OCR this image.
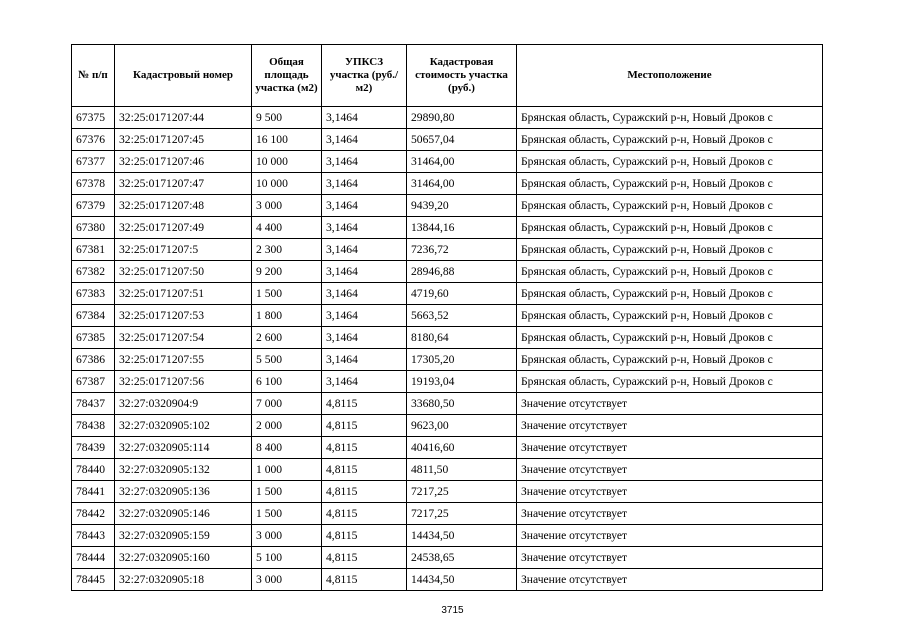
№ п/п	Кадастровый номер	Общая площадь участка (м2)	УПКСЗ участка (руб./м2)	Кадастровая стоимость участка (руб.)	Местоположение
67375	32:25:0171207:44	9 500	3,1464	29890,80	Брянская область, Суражский р-н, Новый Дроков с
67376	32:25:0171207:45	16 100	3,1464	50657,04	Брянская область, Суражский р-н, Новый Дроков с
67377	32:25:0171207:46	10 000	3,1464	31464,00	Брянская область, Суражский р-н, Новый Дроков с
67378	32:25:0171207:47	10 000	3,1464	31464,00	Брянская область, Суражский р-н, Новый Дроков с
67379	32:25:0171207:48	3 000	3,1464	9439,20	Брянская область, Суражский р-н, Новый Дроков с
67380	32:25:0171207:49	4 400	3,1464	13844,16	Брянская область, Суражский р-н, Новый Дроков с
67381	32:25:0171207:5	2 300	3,1464	7236,72	Брянская область, Суражский р-н, Новый Дроков с
67382	32:25:0171207:50	9 200	3,1464	28946,88	Брянская область, Суражский р-н, Новый Дроков с
67383	32:25:0171207:51	1 500	3,1464	4719,60	Брянская область, Суражский р-н, Новый Дроков с
67384	32:25:0171207:53	1 800	3,1464	5663,52	Брянская область, Суражский р-н, Новый Дроков с
67385	32:25:0171207:54	2 600	3,1464	8180,64	Брянская область, Суражский р-н, Новый Дроков с
67386	32:25:0171207:55	5 500	3,1464	17305,20	Брянская область, Суражский р-н, Новый Дроков с
67387	32:25:0171207:56	6 100	3,1464	19193,04	Брянская область, Суражский р-н, Новый Дроков с
78437	32:27:0320904:9	7 000	4,8115	33680,50	Значение отсутствует
78438	32:27:0320905:102	2 000	4,8115	9623,00	Значение отсутствует
78439	32:27:0320905:114	8 400	4,8115	40416,60	Значение отсутствует
78440	32:27:0320905:132	1 000	4,8115	4811,50	Значение отсутствует
78441	32:27:0320905:136	1 500	4,8115	7217,25	Значение отсутствует
78442	32:27:0320905:146	1 500	4,8115	7217,25	Значение отсутствует
78443	32:27:0320905:159	3 000	4,8115	14434,50	Значение отсутствует
78444	32:27:0320905:160	5 100	4,8115	24538,65	Значение отсутствует
78445	32:27:0320905:18	3 000	4,8115	14434,50	Значение отсутствует
3715
